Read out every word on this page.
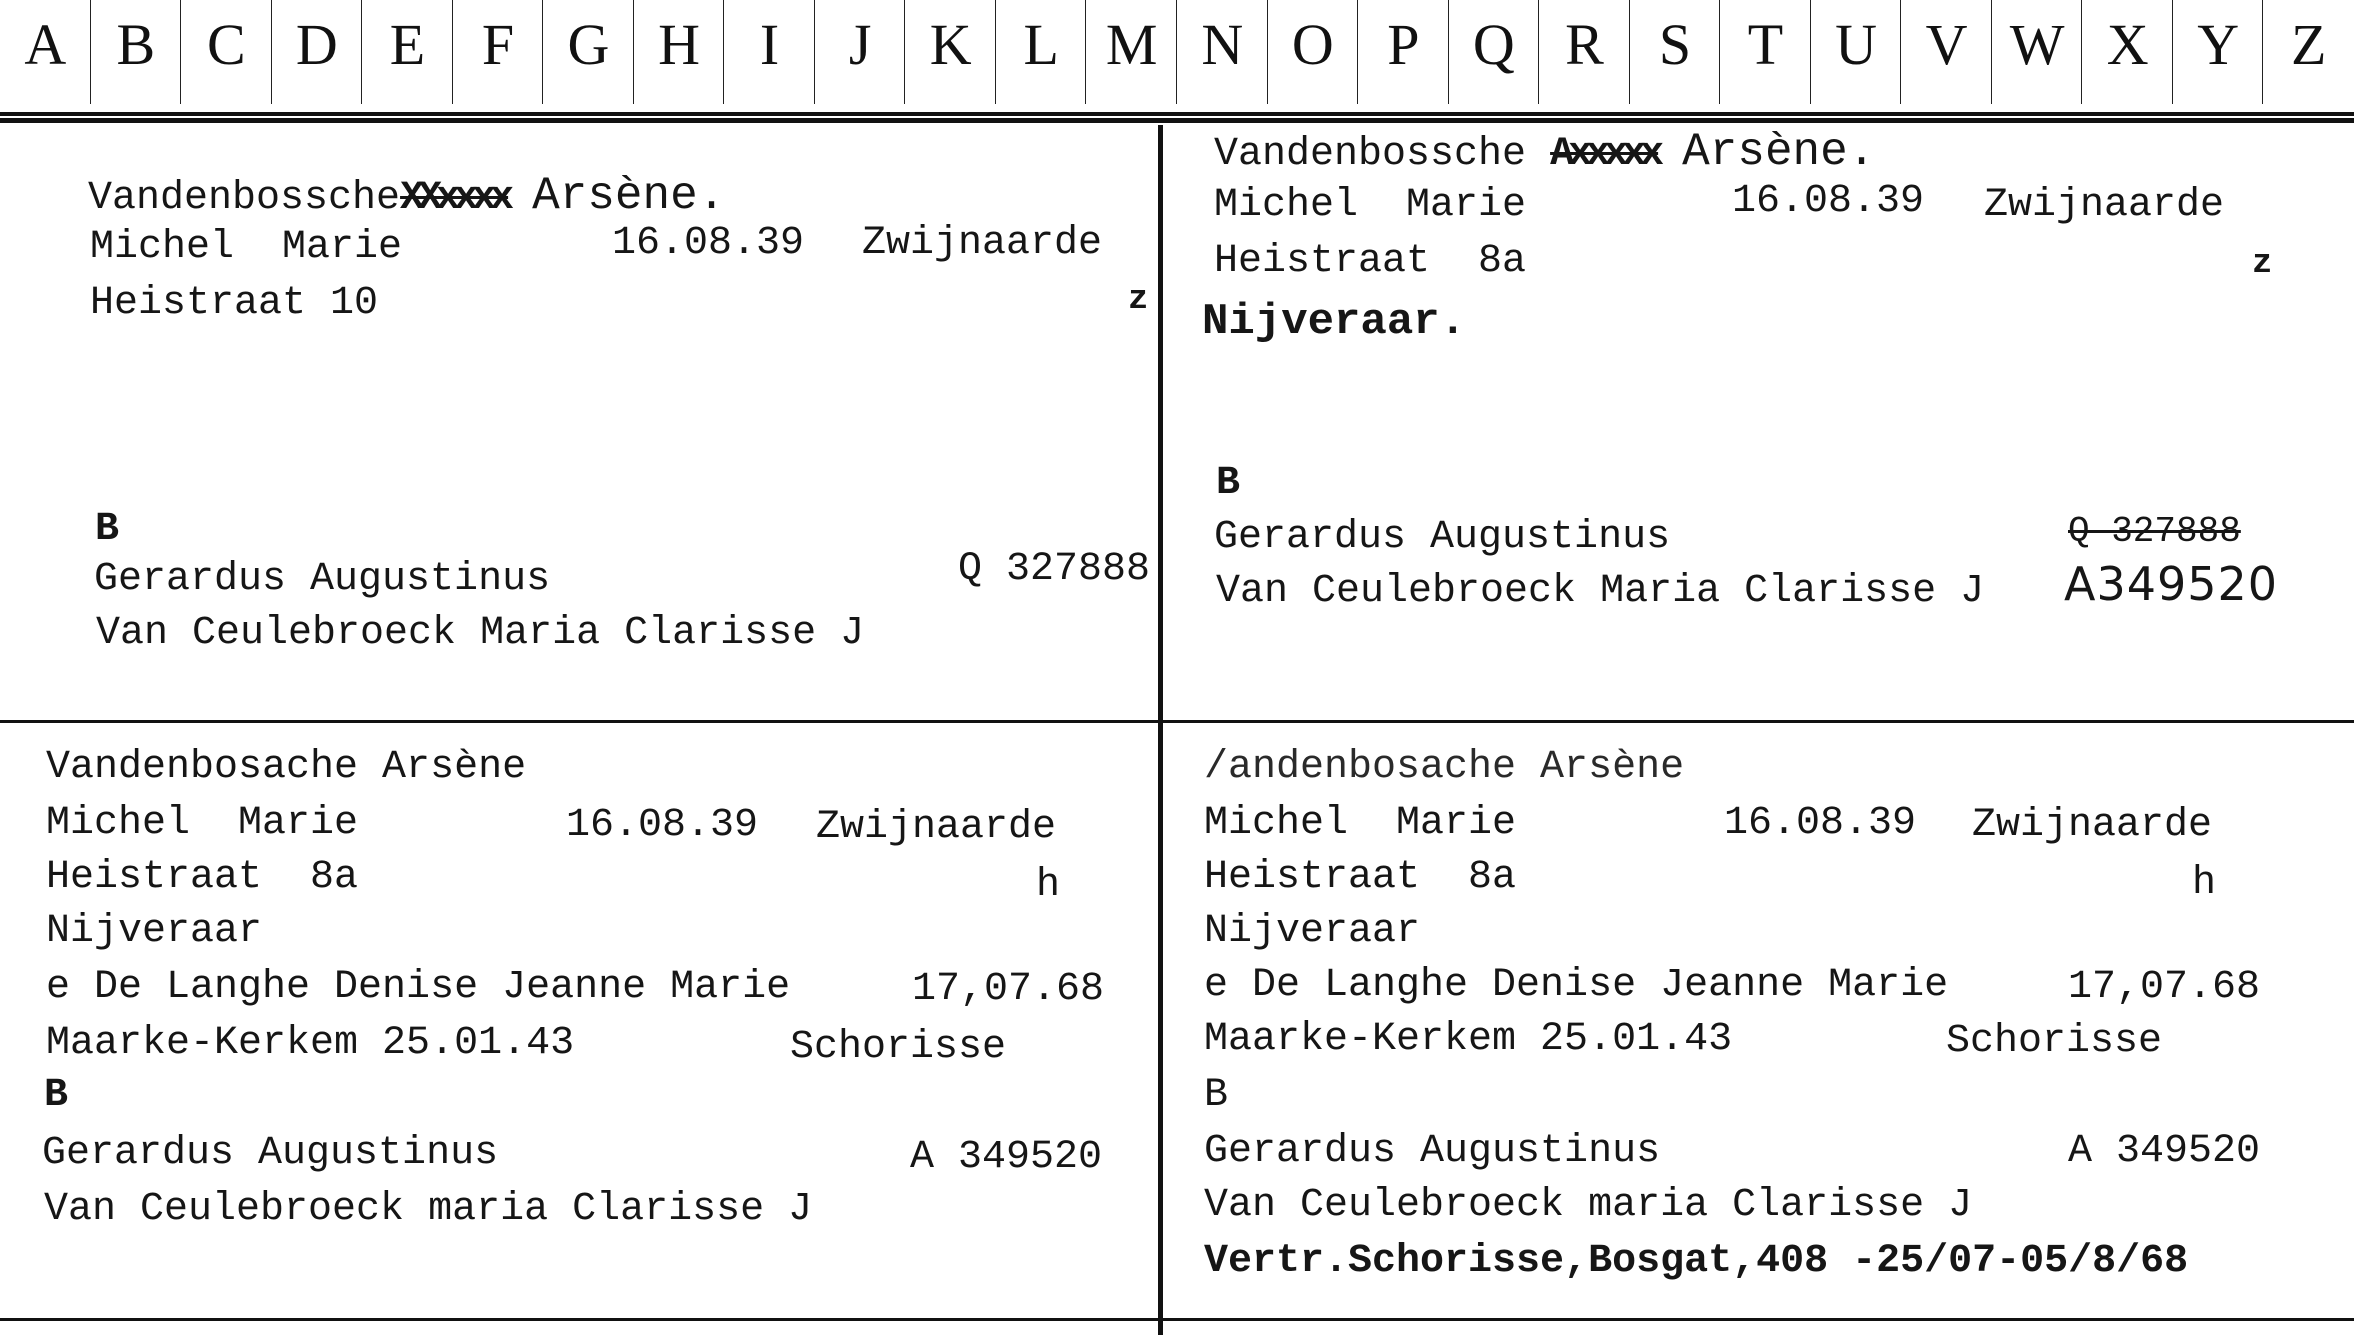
A B C D E F G H	I	J	K L M N O P Q R S T U V W X Y Z
VandenbosscheXXxxxx Arsène.
Michel  Marie	16.08.39 Zwijnaarde
Heistraat 10	z
B
Gerardus Augustinus	Q 327888
Van Ceulebroeck Maria Clarisse J
Vandenbossche Axxxxx Arsène.
Michel  Marie	16.08.39 Zwijnaarde
Heistraat  8a	z
Nijveraar.
B
Gerardus Augustinus	Q 327888
Van Ceulebroeck Maria Clarisse J A349520
Vandenbosache Arsène
Michel  Marie	16.08.39 Zwijnaarde
Heistraat  8a	h
Nijveraar
e De Langhe Denise Jeanne Marie	17,07.68
Maarke-Kerkem 25.01.43	Schorisse
B
Gerardus Augustinus	A 349520
Van Ceulebroeck maria Clarisse J
/andenbosache Arsène
Michel  Marie	16.08.39 Zwijnaarde
Heistraat  8a	h
Nijveraar
e De Langhe Denise Jeanne Marie	17,07.68
Maarke-Kerkem 25.01.43	Schorisse
B
Gerardus Augustinus	A 349520
Van Ceulebroeck maria Clarisse J
Vertr.Schorisse,Bosgat,408 -25/07-05/8/68
